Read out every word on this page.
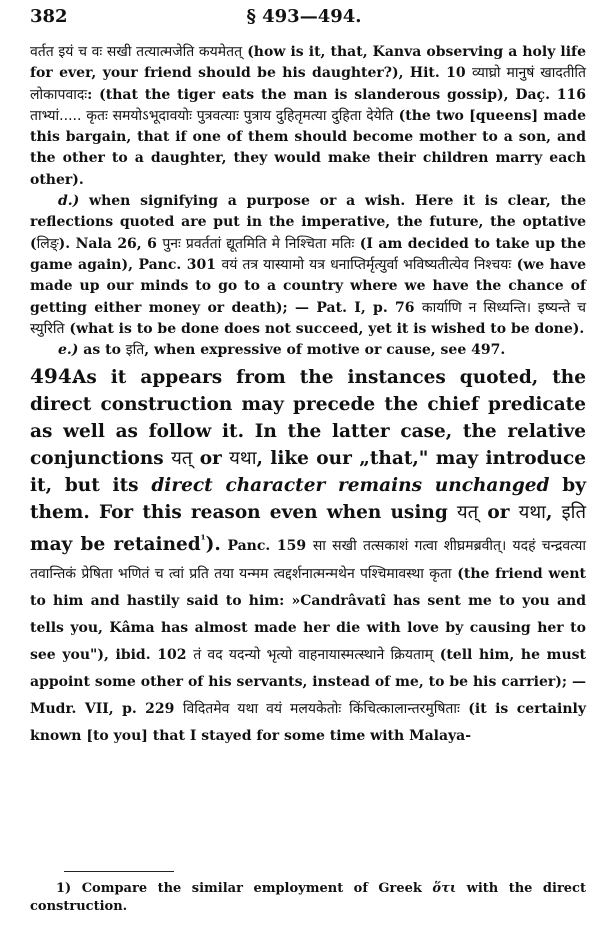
382	§ 493—494.

वर्तत इयं च वः सखी तत्यात्मजेति कयमेतत् (how is it, that, Kanva observing a holy life for ever, your friend should be his daughter?), Hit. 10 व्याघ्रो मानुषं खादतीति लोकापवादः: (that the tiger eats the man is slanderous gossip), Daç. 116 ताभ्यां..... कृतः समयोऽभूदावयोः पुत्रवत्याः पुत्राय दुहितृमत्या दुहिता देयेति (the two [queens] made this bargain, that if one of them should become mother to a son, and the other to a daughter, they would make their children marry each other).

d.) when signifying a purpose or a wish. Here it is clear, the reflections quoted are put in the imperative, the future, the optative (लिङ्). Nala 26, 6 पुनः प्रवर्ततां द्यूतमिति मे निश्चिता मतिः (I am decided to take up the game again), Panc. 301 वयं तत्र यास्यामो यत्र धनाप्तिर्मृत्युर्वा भविष्यतीत्येव निश्चयः (we have made up our minds to go to a country where we have the chance of getting either money or death); — Pat. I, p. 76 कार्याणि न सिध्यन्ति। इष्यन्ते च स्युरिति (what is to be done does not succeed, yet it is wished to be done).

e.) as to इति, when expressive of motive or cause, see 497.

494.

As it appears from the instances quoted, the direct construction may precede the chief predicate as well as follow it. In the latter case, the relative conjunctions यत् or यथा, like our „that," may introduce it, but its direct character remains unchanged by them. For this reason even when using यत् or यथा, इति may be retained$^{^1}$). Panc. 159 सा सखी तत्सकाशं गत्वा शीघ्रमब्रवीत्। यदहं चन्द्रवत्या तवान्तिकं प्रेषिता भणितं च त्वां प्रति तया यन्मम त्वद्दर्शनात्मन्मथेन पश्चिमावस्था कृता (the friend went to him and hastily said to him: »Candrâvatî has sent me to you and tells you, Kâma has almost made her die with love by causing her to see you"), ibid. 102 तं वद यदन्यो भृत्यो वाहनायास्मत्स्थाने क्रियताम् (tell him, he must appoint some other of his servants, instead of me, to be his carrier); — Mudr. VII, p. 229 विदितमेव यथा वयं मलयकेतोः किंचित्कालान्तरमुषिताः (it is certainly known [to you] that I stayed for some time with Malaya-

1) Compare the similar employment of Greek ὅτι with the direct construction.
